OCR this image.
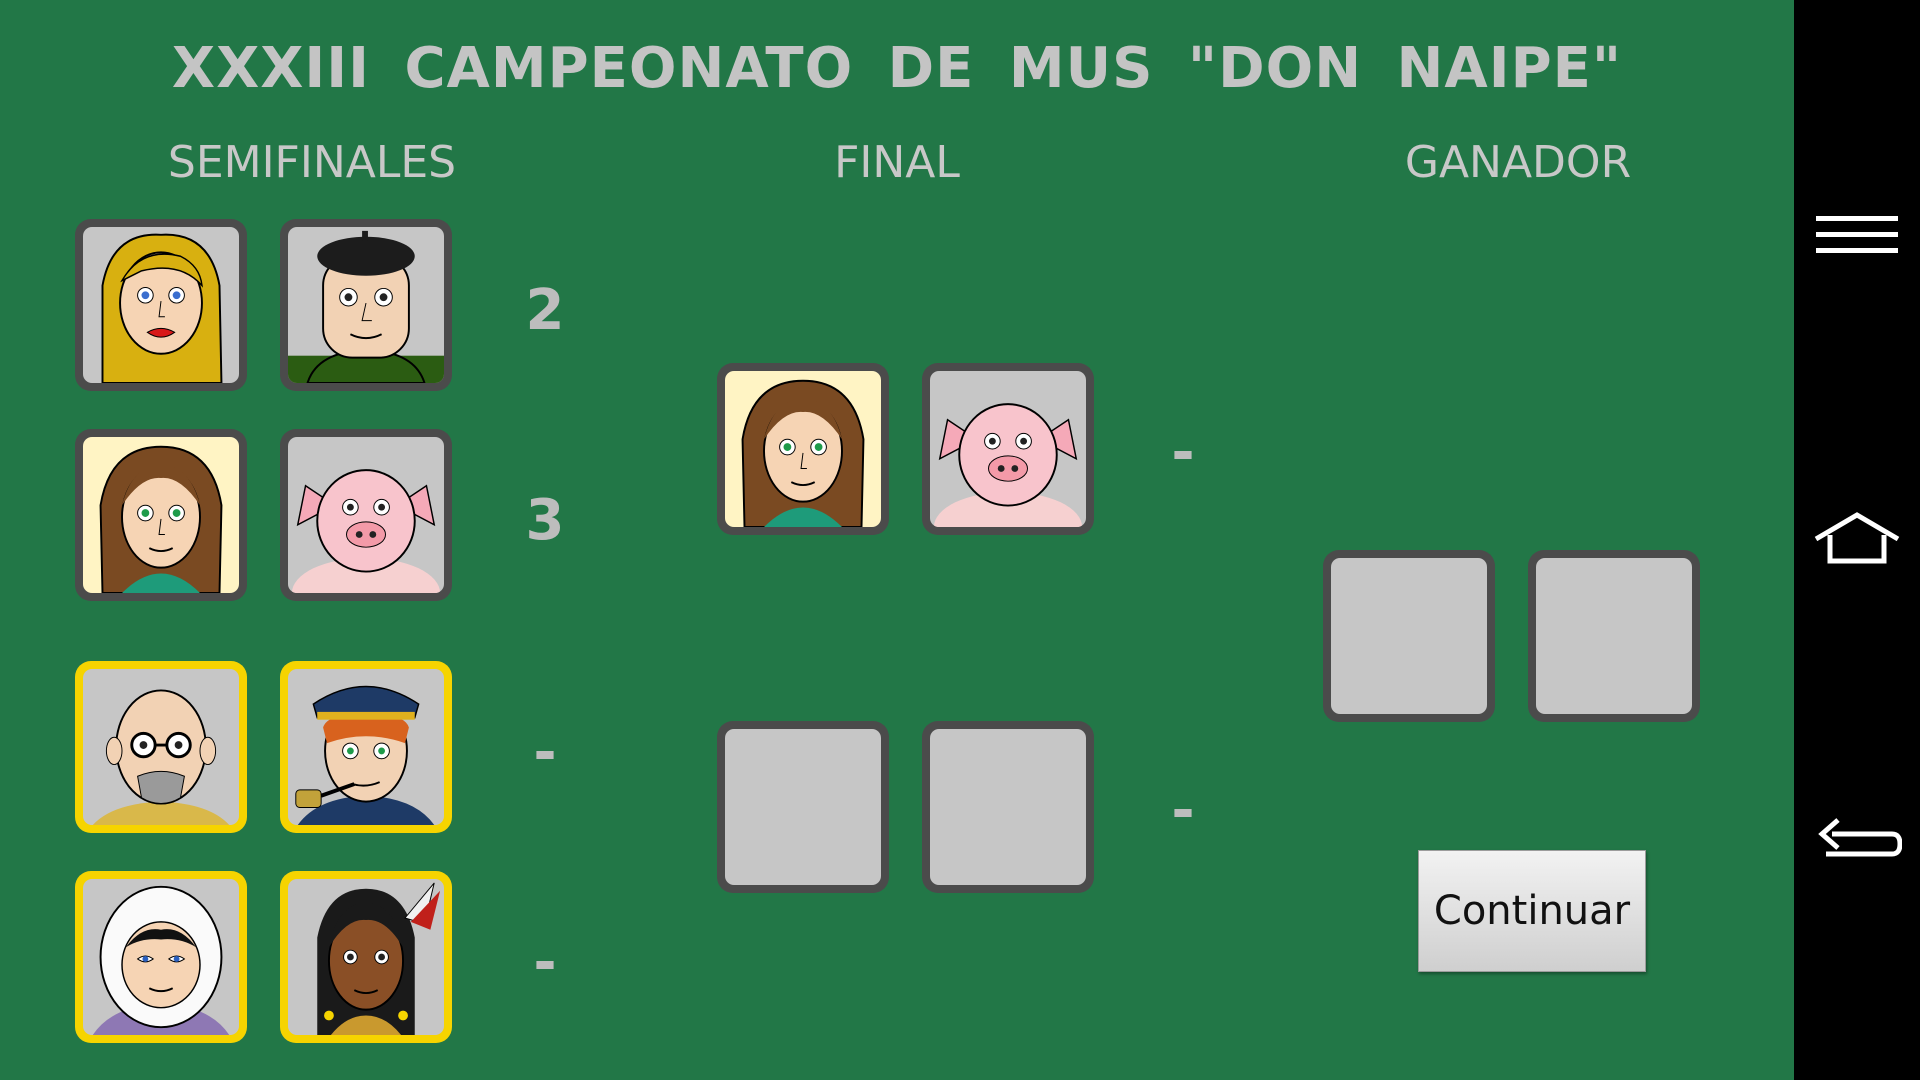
XXXIII CAMPEONATO DE MUS "DON NAIPE"
SEMIFINALES	FINAL	GANADOR
2
3
-
-
-
-
Continuar
